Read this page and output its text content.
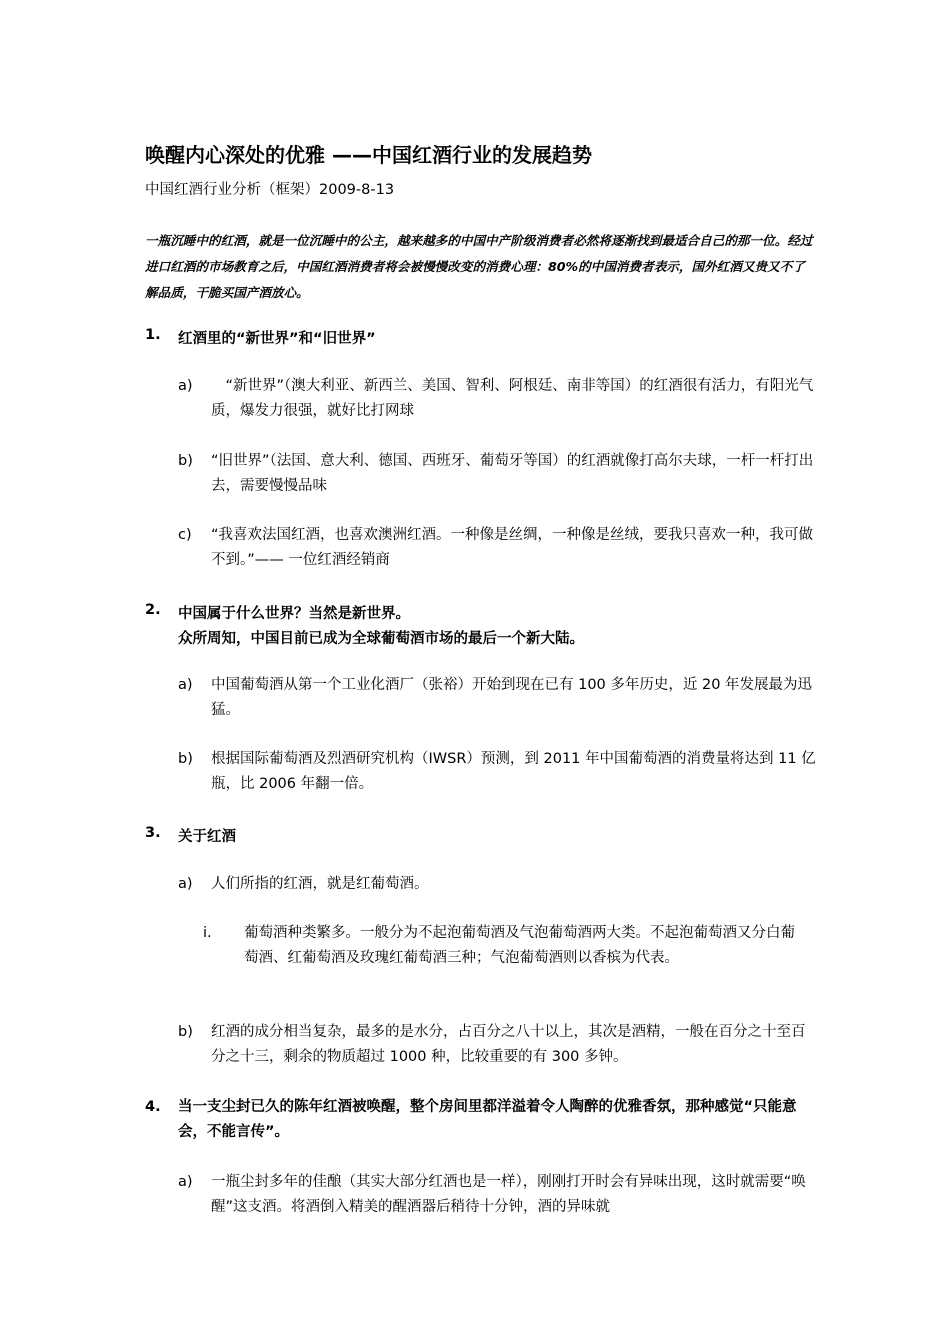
唤醒内心深处的优雅 ——中国红酒行业的发展趋势
中国红酒行业分析（框架）2009-8-13
一瓶沉睡中的红酒，就是一位沉睡中的公主，越来越多的中国中产阶级消费者必然将逐渐找到最适合自己的那一位。经过进口红酒的市场教育之后，中国红酒消费者将会被慢慢改变的消费心理：80%的中国消费者表示，国外红酒又贵又不了解品质，干脆买国产酒放心。
1. 红酒里的“新世界”和“旧世界”
a) 　“新世界”（澳大利亚、新西兰、美国、智利、阿根廷、南非等国）的红酒很有活力，有阳光气质，爆发力很强，就好比打网球
b) “旧世界”（法国、意大利、德国、西班牙、葡萄牙等国）的红酒就像打高尔夫球，一杆一杆打出去，需要慢慢品味
c) “我喜欢法国红酒，也喜欢澳洲红酒。一种像是丝绸，一种像是丝绒，要我只喜欢一种，我可做不到。”—— 一位红酒经销商
2. 中国属于什么世界？当然是新世界。
众所周知，中国目前已成为全球葡萄酒市场的最后一个新大陆。
a) 中国葡萄酒从第一个工业化酒厂（张裕）开始到现在已有 100 多年历史，近 20 年发展最为迅猛。
b) 根据国际葡萄酒及烈酒研究机构（IWSR）预测，到 2011 年中国葡萄酒的消费量将达到 11 亿瓶，比 2006 年翻一倍。
3. 关于红酒
a) 人们所指的红酒，就是红葡萄酒。
i. 葡萄酒种类繁多。一般分为不起泡葡萄酒及气泡葡萄酒两大类。不起泡葡萄酒又分白葡萄酒、红葡萄酒及玫瑰红葡萄酒三种；气泡葡萄酒则以香槟为代表。
b) 红酒的成分相当复杂，最多的是水分，占百分之八十以上，其次是酒精，一般在百分之十至百分之十三，剩余的物质超过 1000 种，比较重要的有 300 多钟。
4. 当一支尘封已久的陈年红酒被唤醒，整个房间里都洋溢着令人陶醉的优雅香氛，那种感觉“只能意会，不能言传”。
a) 一瓶尘封多年的佳酿（其实大部分红酒也是一样），刚刚打开时会有异味出现，这时就需要“唤醒”这支酒。将酒倒入精美的醒酒器后稍待十分钟，酒的异味就
